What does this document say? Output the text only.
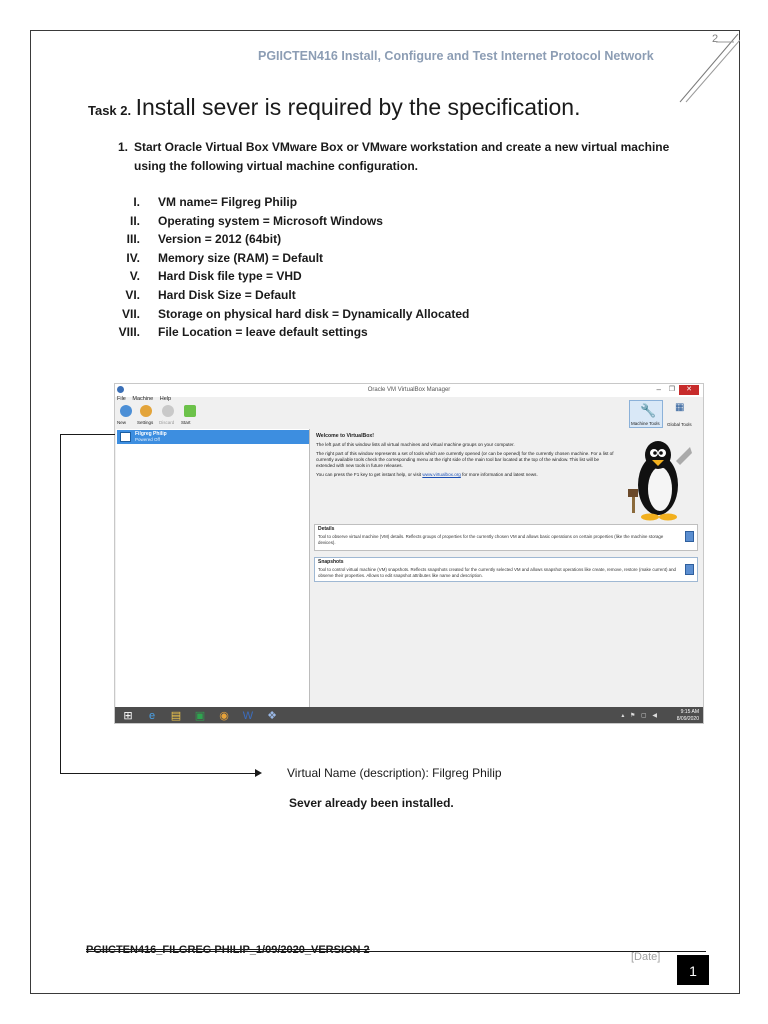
2
PGIICTEN416 Install, Configure and Test Internet Protocol Network
Task 2. Install sever is required by the specification.
1. Start Oracle Virtual Box VMware Box or VMware workstation and create a new virtual machine using the following virtual machine configuration.
I. VM name= Filgreg Philip
II. Operating system = Microsoft Windows
III. Version = 2012 (64bit)
IV. Memory size (RAM) = Default
V. Hard Disk file type = VHD
VI. Hard Disk Size = Default
VII. Storage on physical hard disk = Dynamically Allocated
VIII. File Location = leave default settings
Oracle VM VirtualBox Manager	– ❐	✕
File Machine Help
New Settings Discard Start
🔧
Machine Tools
▦
Global Tools
Filgreg Philip
Powered Off
Welcome to VirtualBox!

The left part of this window lists all virtual machines and virtual machine groups on your computer.

The right part of this window represents a set of tools which are currently opened (or can be opened) for the currently chosen machine. For a list of currently available tools check the corresponding menu at the right side of the main tool bar located at the top of the window. This list will be extended with new tools in future releases.

You can press the F1 key to get instant help, or visit www.virtualbox.org for more information and latest news.

Details
Tool to observe virtual machine (VM) details. Reflects groups of properties for the currently chosen VM and allows basic operations on certain properties (like the machine storage devices).
Snapshots
Tool to control virtual machine (VM) snapshots. Reflects snapshots created for the currently selected VM and allows snapshot operations like create, remove, restore (make current) and observe their properties. Allows to edit snapshot attributes like name and description.
⊞	e	▤ ▣ ◉ W ❖	▴ ⚑ ▢ ◀
9:15 AM
8/09/2020
Virtual Name (description): Filgreg Philip
Sever already been installed.
PGIICTEN416_FILGREG PHILIP_1/09/2020_VERSION 2
[Date]
1
